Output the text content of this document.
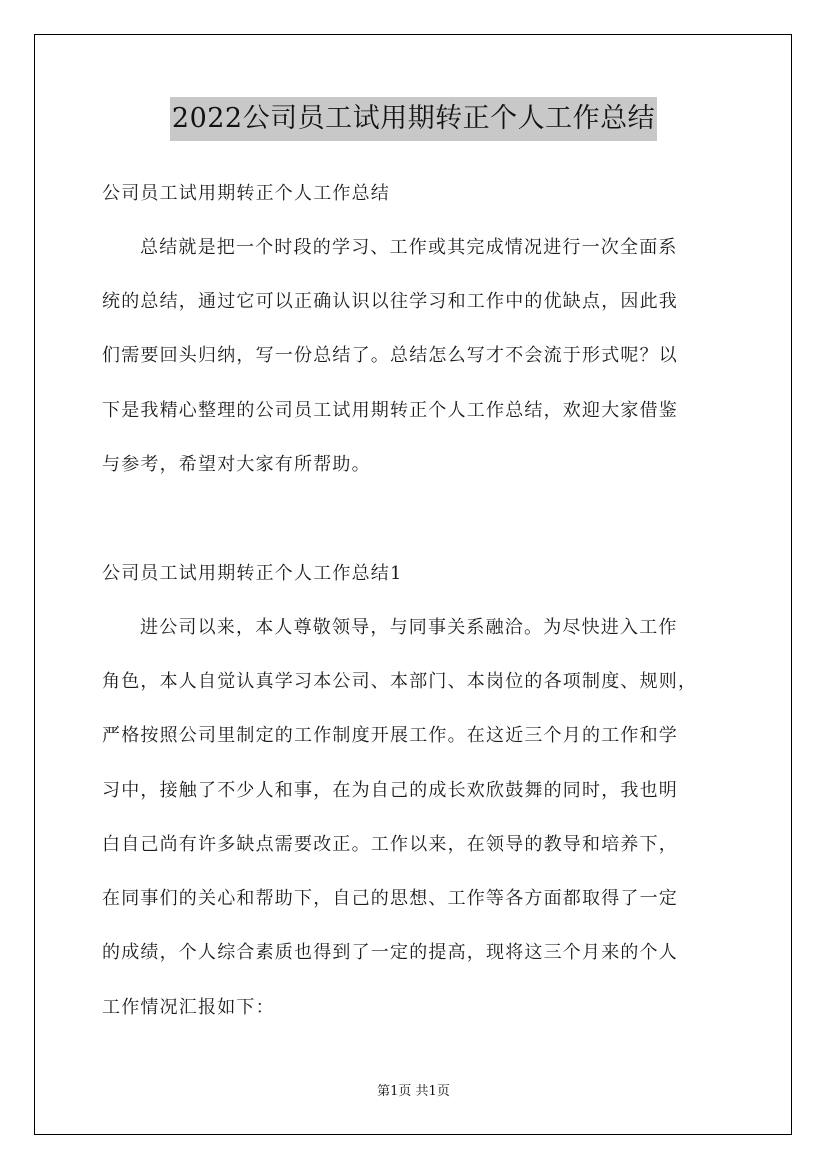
2022公司员工试用期转正个人工作总结
公司员工试用期转正个人工作总结
总结就是把一个时段的学习、工作或其完成情况进行一次全面系
统的总结，通过它可以正确认识以往学习和工作中的优缺点，因此我
们需要回头归纳，写一份总结了。总结怎么写才不会流于形式呢？以
下是我精心整理的公司员工试用期转正个人工作总结，欢迎大家借鉴
与参考，希望对大家有所帮助。
公司员工试用期转正个人工作总结1
进公司以来，本人尊敬领导，与同事关系融洽。为尽快进入工作
角色，本人自觉认真学习本公司、本部门、本岗位的各项制度、规则，
严格按照公司里制定的工作制度开展工作。在这近三个月的工作和学
习中，接触了不少人和事，在为自己的成长欢欣鼓舞的同时，我也明
白自己尚有许多缺点需要改正。工作以来，在领导的教导和培养下，
在同事们的关心和帮助下，自己的思想、工作等各方面都取得了一定
的成绩，个人综合素质也得到了一定的提高，现将这三个月来的个人
工作情况汇报如下：
第1页 共1页
